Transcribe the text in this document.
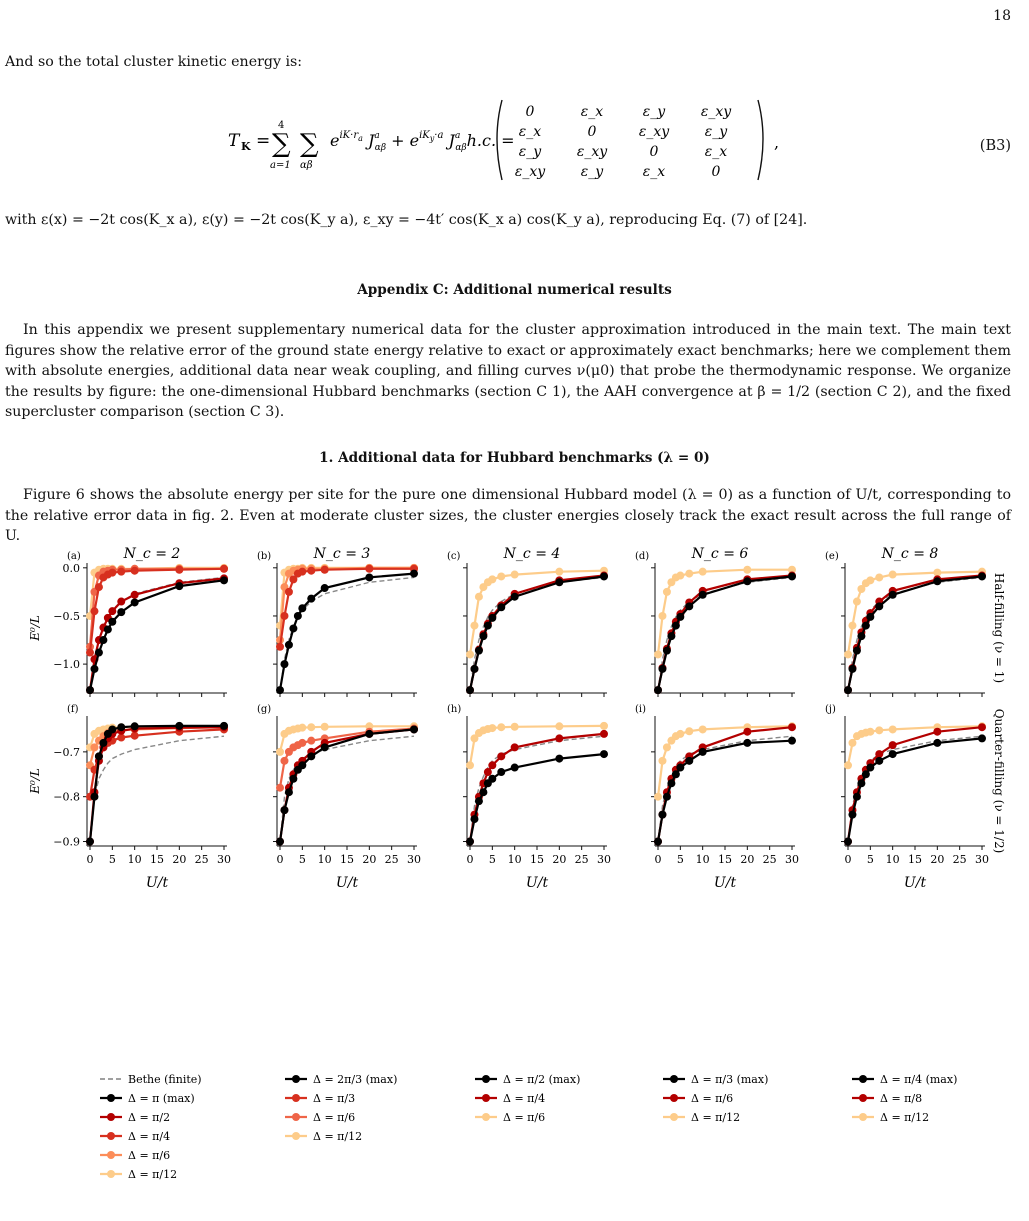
18
And so the total cluster kinetic energy is:
T K =
4
∑
a=1
∑
αβ
$e^{iK\cdot r}a$ $J^a$ $\alpha\beta + e^{iK}y\cdot a$ $J^a$ αβh.c. =
0	ε_x	ε_y	ε_xy
ε_x	0	ε_xy	ε_y
ε_y	ε_xy	0	ε_x
ε_xy	ε_y	ε_x	0
,	(B3)
with ε(x) = −2t cos(K_x a), ε(y) = −2t cos(K_y a), ε_xy = −4t′ cos(K_x a) cos(K_y a), reproducing Eq. (7) of [24].
Appendix C: Additional numerical results
In this appendix we present supplementary numerical data for the cluster approximation introduced in the main text. The main text figures show the relative error of the ground state energy relative to exact or approximately exact benchmarks; here we complement them with absolute energies, additional data near weak coupling, and filling curves ν(μ0) that probe the thermodynamic response. We organize the results by figure: the one-dimensional Hubbard benchmarks (section C 1), the AAH convergence at β = 1/2 (section C 2), and the fixed supercluster comparison (section C 3).
1. Additional data for Hubbard benchmarks (λ = 0)
Figure 6 shows the absolute energy per site for the pure one dimensional Hubbard model (λ = 0) as a function of U/t, corresponding to the relative error data in fig. 2. Even at moderate cluster sizes, the cluster energies closely track the exact result across the full range of U.
0.0
−0.5
−1.0
E⁰/L
(a)	N_c = 2	(b)	N_c = 3	(c)	N_c = 4	(d)	N_c = 6
Half-filling (ν = 1)
(e)	N_c = 8
−0.7
−0.8
−0.9
0 5 10 15 20 25 30
U/t
E⁰/L
(f)
0 5 10 15 20 25 30
U/t
(g)
0 5 10 15 20 25 30
U/t
(h)
0 5 10 15 20 25 30
U/t
(i)
0 5 10 15 20 25 30
U/t
Quarter-filling (ν = 1/2)
(j)
Bethe (finite)
Δ = π (max)
Δ = π/2
Δ = π/4
Δ = π/6
Δ = π/12
Δ = 2π/3 (max)
Δ = π/3
Δ = π/6
Δ = π/12
Δ = π/2 (max)
Δ = π/4
Δ = π/6
Δ = π/3 (max)
Δ = π/6
Δ = π/12
Δ = π/4 (max)
Δ = π/8
Δ = π/12
